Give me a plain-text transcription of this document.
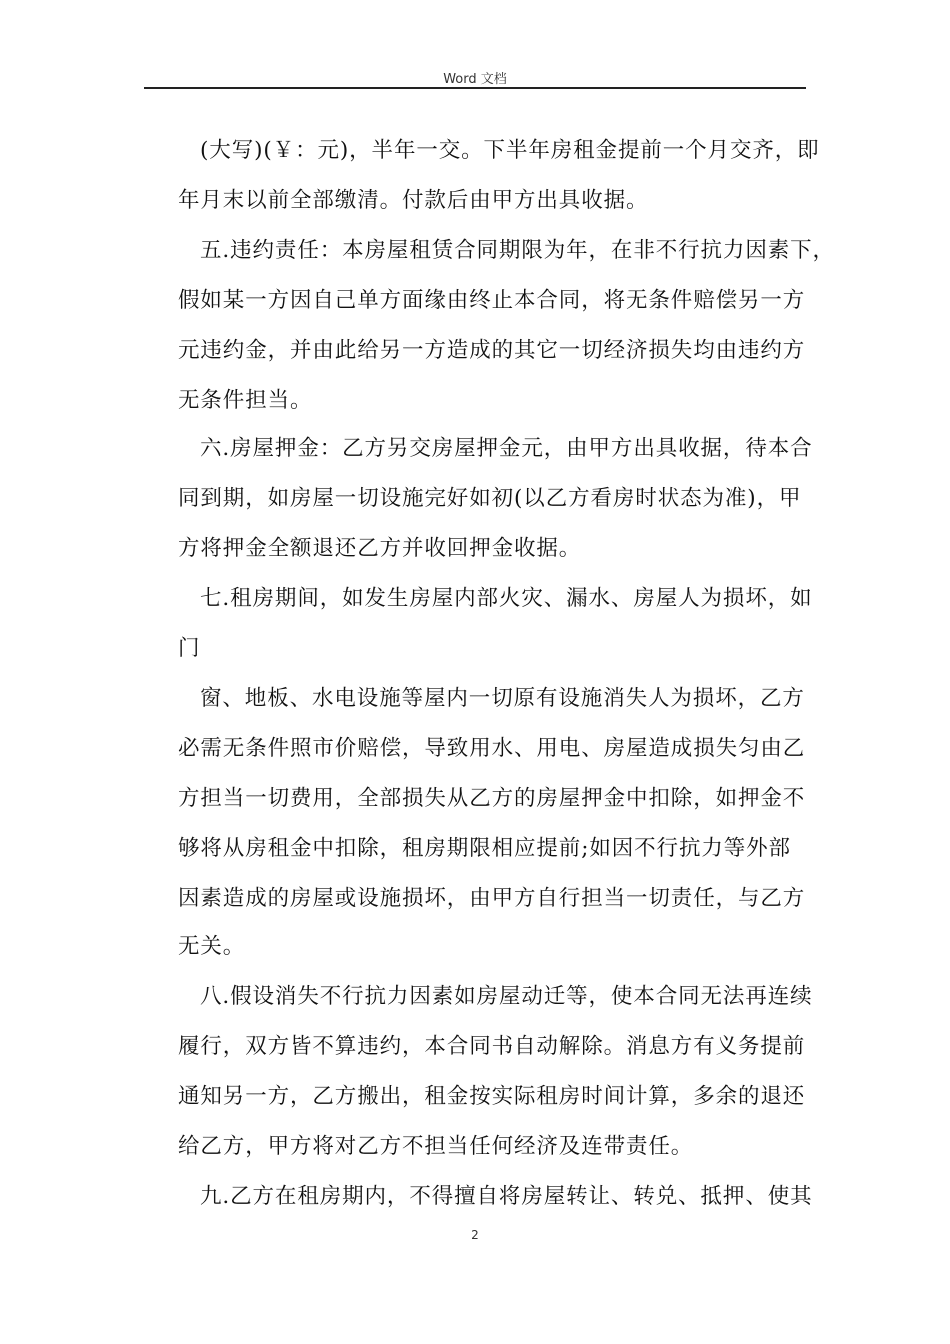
Word 文档
(大写)(￥：元)，半年一交。下半年房租金提前一个月交齐，即
年月末以前全部缴清。付款后由甲方出具收据。
五.违约责任：本房屋租赁合同期限为年，在非不行抗力因素下，
假如某一方因自己单方面缘由终止本合同，将无条件赔偿另一方
元违约金，并由此给另一方造成的其它一切经济损失均由违约方
无条件担当。
六.房屋押金：乙方另交房屋押金元，由甲方出具收据，待本合
同到期，如房屋一切设施完好如初(以乙方看房时状态为准)，甲
方将押金全额退还乙方并收回押金收据。
七.租房期间，如发生房屋内部火灾、漏水、房屋人为损坏，如
门
窗、地板、水电设施等屋内一切原有设施消失人为损坏，乙方
必需无条件照市价赔偿，导致用水、用电、房屋造成损失匀由乙
方担当一切费用，全部损失从乙方的房屋押金中扣除，如押金不
够将从房租金中扣除，租房期限相应提前;如因不行抗力等外部
因素造成的房屋或设施损坏，由甲方自行担当一切责任，与乙方
无关。
八.假设消失不行抗力因素如房屋动迁等，使本合同无法再连续
履行，双方皆不算违约，本合同书自动解除。消息方有义务提前
通知另一方，乙方搬出，租金按实际租房时间计算，多余的退还
给乙方，甲方将对乙方不担当任何经济及连带责任。
九.乙方在租房期内，不得擅自将房屋转让、转兑、抵押、使其
2
